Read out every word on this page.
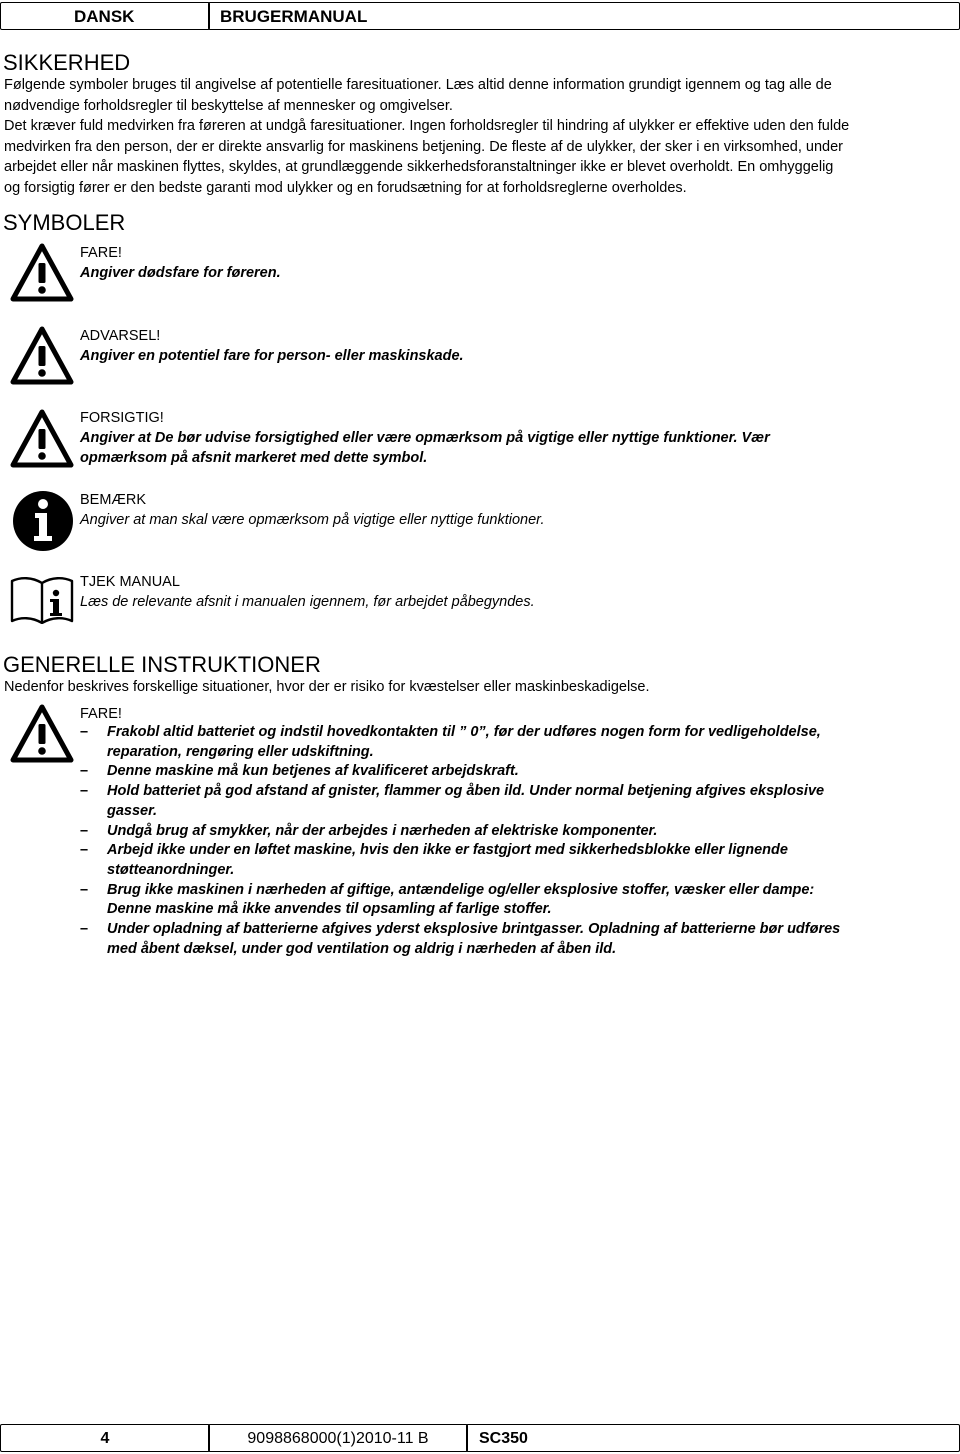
DANSK	BRUGERMANUAL
SIKKERHED

Følgende symboler bruges til angivelse af potentielle faresituationer. Læs altid denne information grundigt igennem og tag alle de

nødvendige forholdsregler til beskyttelse af mennesker og omgivelser.

Det kræver fuld medvirken fra føreren at undgå faresituationer. Ingen forholdsregler til hindring af ulykker er effektive uden den fulde

medvirken fra den person, der er direkte ansvarlig for maskinens betjening. De fleste af de ulykker, der sker i en virksomhed, under

arbejdet eller når maskinen flyttes, skyldes, at grundlæggende sikkerhedsforanstaltninger ikke er blevet overholdt. En omhyggelig

og forsigtig fører er den bedste garanti mod ulykker og en forudsætning for at forholdsreglerne overholdes.

SYMBOLER

FARE!

Angiver dødsfare for føreren.

ADVARSEL!

Angiver en potentiel fare for person- eller maskinskade.

FORSIGTIG!

Angiver at De bør udvise forsigtighed eller være opmærksom på vigtige eller nyttige funktioner. Vær

opmærksom på afsnit markeret med dette symbol.

BEMÆRK

Angiver at man skal være opmærksom på vigtige eller nyttige funktioner.

TJEK MANUAL

Læs de relevante afsnit i manualen igennem, før arbejdet påbegyndes.

GENERELLE INSTRUKTIONER
Nedenfor beskrives forskellige situationer, hvor der er risiko for kvæstelser eller maskinbeskadigelse.
FARE!
– Frakobl altid batteriet og indstil hovedkontakten til ” 0”, før der udføres nogen form for vedligeholdelse,
reparation, rengøring eller udskiftning.
– Denne maskine må kun betjenes af kvalificeret arbejdskraft.
– Hold batteriet på god afstand af gnister, flammer og åben ild. Under normal betjening afgives eksplosive
gasser.
– Undgå brug af smykker, når der arbejdes i nærheden af elektriske komponenter.
– Arbejd ikke under en løftet maskine, hvis den ikke er fastgjort med sikkerhedsblokke eller lignende
støtteanordninger.
– Brug ikke maskinen i nærheden af giftige, antændelige og/eller eksplosive stoffer, væsker eller dampe:
Denne maskine må ikke anvendes til opsamling af farlige stoffer.
– Under opladning af batterierne afgives yderst eksplosive brintgasser. Opladning af batterierne bør udføres
med åbent dæksel, under god ventilation og aldrig i nærheden af åben ild.
4	9098868000(1)2010-11 B	SC350
